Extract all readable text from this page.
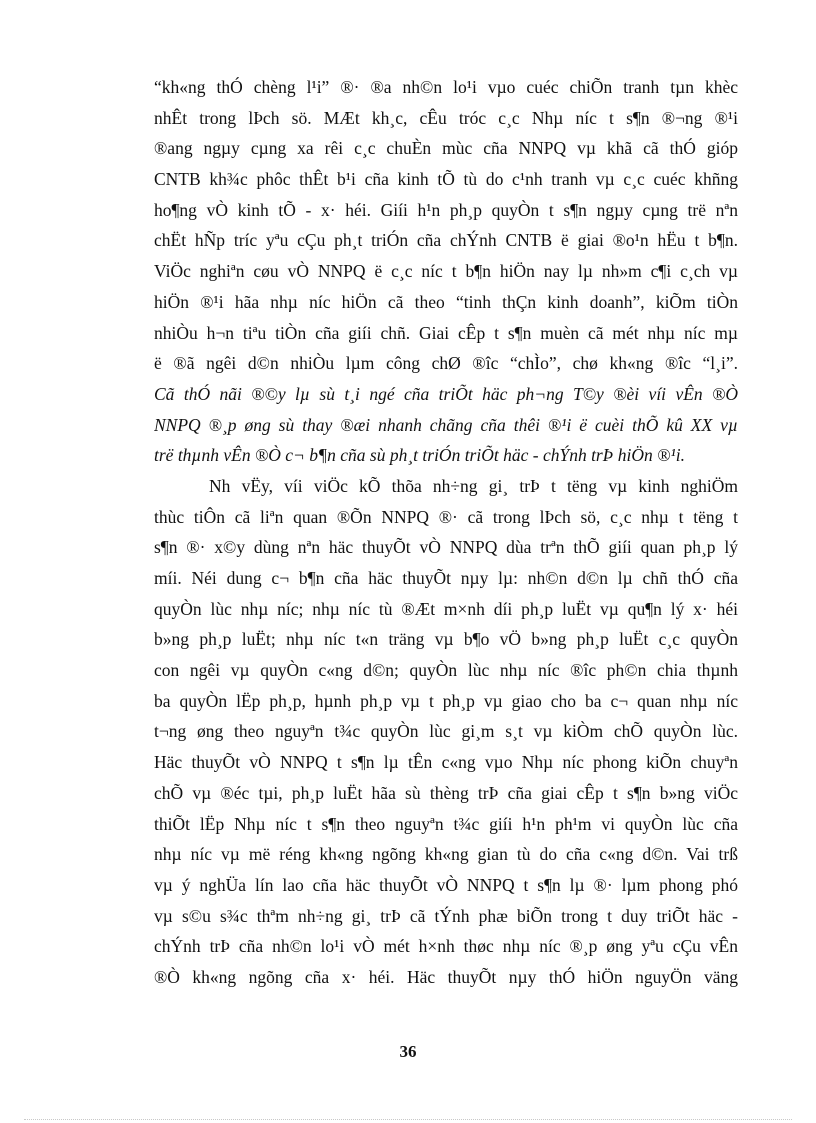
“kh«ng thÓ chèng l¹i” ®· ®a nh©n lo¹i vµo cuéc chiÕn tranh tµn khèc
nhÊt trong lÞch sö. MÆt kh¸c, cÊu tróc c¸c Nhµ níc t s¶n ®¬ng ®¹i
®ang ngµy cµng xa rêi c¸c chuÈn mùc cña NNPQ vµ khã cã thÓ gióp
CNTB kh¾c phôc thÊt b¹i cña kinh tÕ tù do c¹nh tranh vµ c¸c cuéc khñng
ho¶ng vÒ kinh tÕ - x· héi. Giíi h¹n ph¸p quyÒn t s¶n ngµy cµng trë nªn
chËt hÑp tríc yªu cÇu ph¸t triÓn cña chÝnh CNTB ë giai ®o¹n hËu t b¶n.
ViÖc nghiªn cøu vÒ NNPQ ë c¸c níc t b¶n hiÖn nay lµ nh»m c¶i c¸ch vµ
hiÖn ®¹i hãa nhµ níc hiÖn cã theo “tinh thÇn kinh doanh”, kiÕm tiÒn
nhiÒu h¬n tiªu tiÒn cña giíi chñ. Giai cÊp t s¶n muèn cã mét nhµ níc mµ
ë ®ã ngêi d©n nhiÒu lµm công chØ ®îc “chÌo”, chø kh«ng ®îc “l¸i”.
Cã thÓ nãi ®©y lµ sù t¸i ngé cña triÕt häc ph¬ng T©y ®èi víi vÊn ®Ò
NNPQ ®¸p øng sù thay ®æi nhanh chãng cña thêi ®¹i ë cuèi thÕ kû XX vµ
trë thµnh vÊn ®Ò c¬ b¶n cña sù ph¸t triÓn triÕt häc - chÝnh trÞ hiÖn ®¹i.
Nh vËy, víi viÖc kÕ thõa nh÷ng gi¸ trÞ t tëng vµ kinh nghiÖm
thùc tiÔn cã liªn quan ®Õn NNPQ ®· cã trong lÞch sö, c¸c nhµ t tëng t
s¶n ®· x©y dùng nªn häc thuyÕt vÒ NNPQ dùa trªn thÕ giíi quan ph¸p lý
míi. Néi dung c¬ b¶n cña häc thuyÕt nµy lµ: nh©n d©n lµ chñ thÓ cña
quyÒn lùc nhµ níc; nhµ níc tù ®Æt m×nh díi ph¸p luËt vµ qu¶n lý x· héi
b»ng ph¸p luËt; nhµ níc t«n träng vµ b¶o vÖ b»ng ph¸p luËt c¸c quyÒn
con ngêi vµ quyÒn c«ng d©n; quyÒn lùc nhµ níc ®îc ph©n chia thµnh
ba quyÒn lËp ph¸p, hµnh ph¸p vµ t ph¸p vµ giao cho ba c¬ quan nhµ níc
t¬ng øng theo nguyªn t¾c quyÒn lùc gi¸m s¸t vµ kiÒm chÕ quyÒn lùc.
Häc thuyÕt vÒ NNPQ t s¶n lµ tÊn c«ng vµo Nhµ níc phong kiÕn chuyªn
chÕ vµ ®éc tµi, ph¸p luËt hãa sù thèng trÞ cña giai cÊp t s¶n b»ng viÖc
thiÕt lËp Nhµ níc t s¶n theo nguyªn t¾c giíi h¹n ph¹m vi quyÒn lùc cña
nhµ níc vµ më réng kh«ng ngõng kh«ng gian tù do cña c«ng d©n. Vai trß
vµ ý nghÜa lín lao cña häc thuyÕt vÒ NNPQ t s¶n lµ ®· lµm phong phó
vµ s©u s¾c thªm nh÷ng gi¸ trÞ cã tÝnh phæ biÕn trong t duy triÕt häc -
chÝnh trÞ cña nh©n lo¹i vÒ mét h×nh thøc nhµ níc ®¸p øng yªu cÇu vÊn
®Ò kh«ng ngõng cña x· héi. Häc thuyÕt nµy thÓ hiÖn nguyÖn väng
36
